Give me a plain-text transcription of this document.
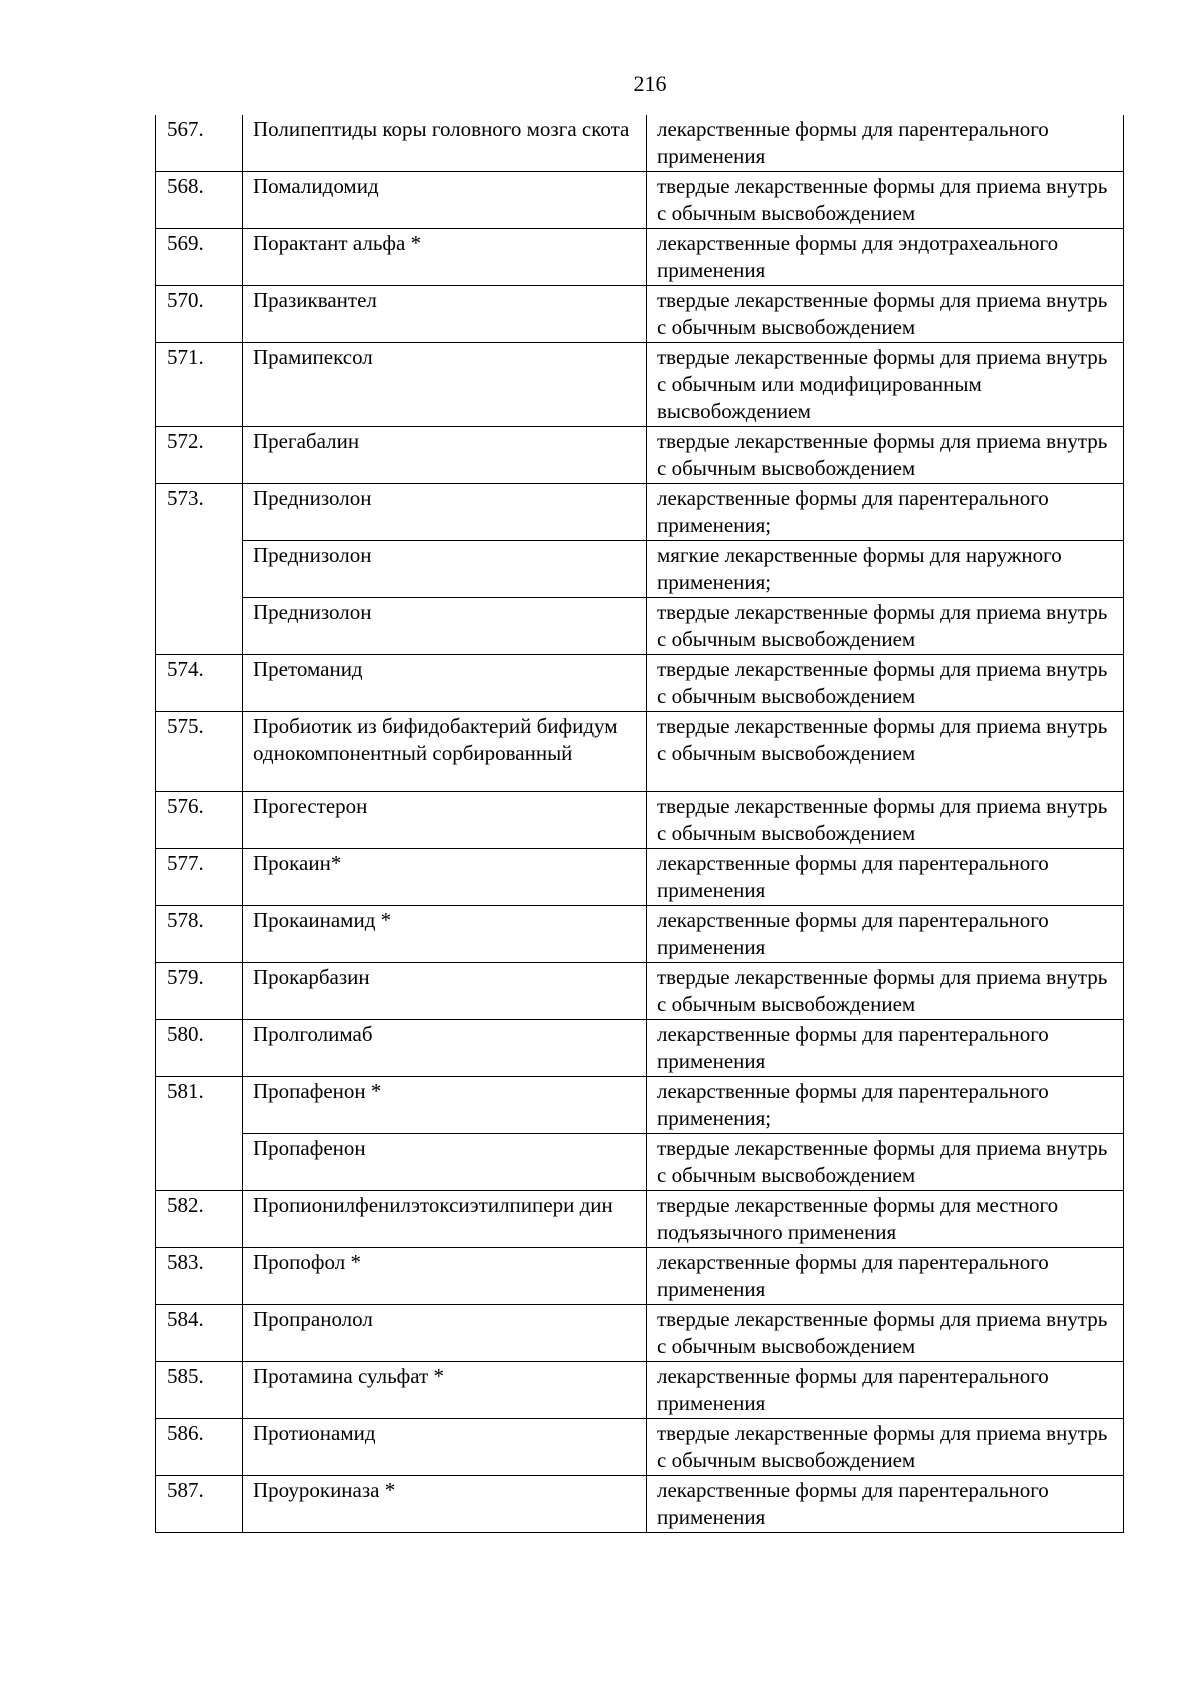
216
567.	Полипептиды коры головного мозга скота	лекарственные формы для парентерального применения
568.	Помалидомид	твердые лекарственные формы для приема внутрь с обычным высвобождением
569.	Порактант альфа *	лекарственные формы для эндотрахеального применения
570.	Празиквантел	твердые лекарственные формы для приема внутрь с обычным высвобождением
571.	Прамипексол	твердые лекарственные формы для приема внутрь с обычным или модифицированным высвобождением
572.	Прегабалин	твердые лекарственные формы для приема внутрь с обычным высвобождением
573.	Преднизолон	лекарственные формы для парентерального применения;
	Преднизолон	мягкие лекарственные формы для наружного применения;
	Преднизолон	твердые лекарственные формы для приема внутрь с обычным высвобождением
574.	Претоманид	твердые лекарственные формы для приема внутрь с обычным высвобождением
575.	Пробиотик из бифидобактерий бифидум однокомпонентный сорбированный	твердые лекарственные формы для приема внутрь с обычным высвобождением
576.	Прогестерон	твердые лекарственные формы для приема внутрь с обычным высвобождением
577.	Прокаин*	лекарственные формы для парентерального применения
578.	Прокаинамид *	лекарственные формы для парентерального применения
579.	Прокарбазин	твердые лекарственные формы для приема внутрь с обычным высвобождением
580.	Пролголимаб	лекарственные формы для парентерального применения
581.	Пропафенон *	лекарственные формы для парентерального применения;
	Пропафенон	твердые лекарственные формы для приема внутрь с обычным высвобождением
582.	Пропионилфенилэтоксиэтилпипери дин	твердые лекарственные формы для местного подъязычного применения
583.	Пропофол *	лекарственные формы для парентерального применения
584.	Пропранолол	твердые лекарственные формы для приема внутрь с обычным высвобождением
585.	Протамина сульфат *	лекарственные формы для парентерального применения
586.	Протионамид	твердые лекарственные формы для приема внутрь с обычным высвобождением
587.	Проурокиназа *	лекарственные формы для парентерального применения
